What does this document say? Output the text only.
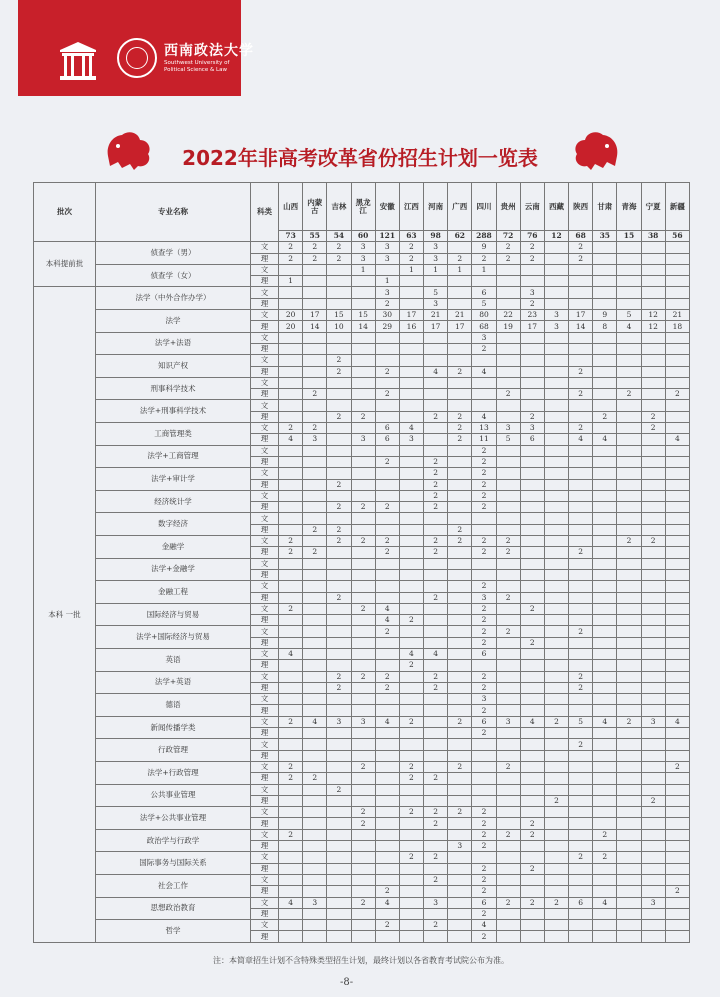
西南政法大学
Southwest University of Political Science & Law
2022年非高考改革省份招生计划一览表
批次	专业名称	科类	山西	内蒙古	吉林	黑龙江	安徽	江西	河南	广西	四川	贵州	云南	西藏	陕西	甘肃	青海	宁夏	新疆
			73	55	54	60	121	63	98	62	288	72	76	12	68	35	15	38	56
本科提前批	侦查学（男）	文	2	2	2	3	3	2	3		9	2	2		2				
		理	2	2	2	3	3	2	3	2	2	2	2		2				
	侦查学（女）	文				1		1	1	1	1								
		理	1				1												
本科 一批	法学（中外合作办学）	文					3		5		6		3						
		理					2		3		5		2						
	法学	文	20	17	15	15	30	17	21	21	80	22	23	3	17	9	5	12	21
		理	20	14	10	14	29	16	17	17	68	19	17	3	14	8	4	12	18
	法学+法语	文									3								
		理									2								
	知识产权	文			2														
		理			2		2		4	2	4				2				
	刑事科学技术	文																	
		理		2			2					2			2		2		2
	法学+刑事科学技术	文																	
		理			2	2			2	2	4		2			2		2	
	工商管理类	文	2	2			6	4		2	13	3	3		2			2	
		理	4	3		3	6	3		2	11	5	6		4	4			4
	法学+工商管理	文									2								
		理					2		2		2								
	法学+审计学	文							2		2								
		理			2				2		2								
	经济统计学	文							2		2								
		理			2	2	2		2		2								
	数字经济	文																	
		理		2	2					2									
	金融学	文	2		2	2	2		2	2	2	2					2	2	
		理	2	2			2		2		2	2			2				
	法学+金融学	文																	
		理																	
	金融工程	文									2								
		理			2				2		3	2							
	国际经济与贸易	文	2			2	4				2		2						
		理					4	2			2								
	法学+国际经济与贸易	文					2				2	2			2				
		理									2		2						
	英语	文	4					4	4		6								
		理						2											
	法学+英语	文			2	2	2		2		2				2				
		理			2		2		2		2				2				
	德语	文									3								
		理									2								
	新闻传播学类	文	2	4	3	3	4	2		2	6	3	4	2	5	4	2	3	4
		理									2								
	行政管理	文													2				
		理																	
	法学+行政管理	文	2			2		2		2		2							2
		理	2	2				2	2										
	公共事业管理	文			2														
		理												2				2	
	法学+公共事业管理	文				2		2	2	2	2								
		理				2			2		2		2						
	政治学与行政学	文	2								2	2	2			2			
		理								3	2								
	国际事务与国际关系	文						2	2						2	2			
		理									2		2						
	社会工作	文							2		2								
		理					2				2								2
	思想政治教育	文	4	3		2	4		3		6	2	2	2	6	4		3	
		理									2								
	哲学	文					2		2		4								
		理									2								
注：本简章招生计划不含特殊类型招生计划，最终计划以各省教育考试院公布为准。
-8-
